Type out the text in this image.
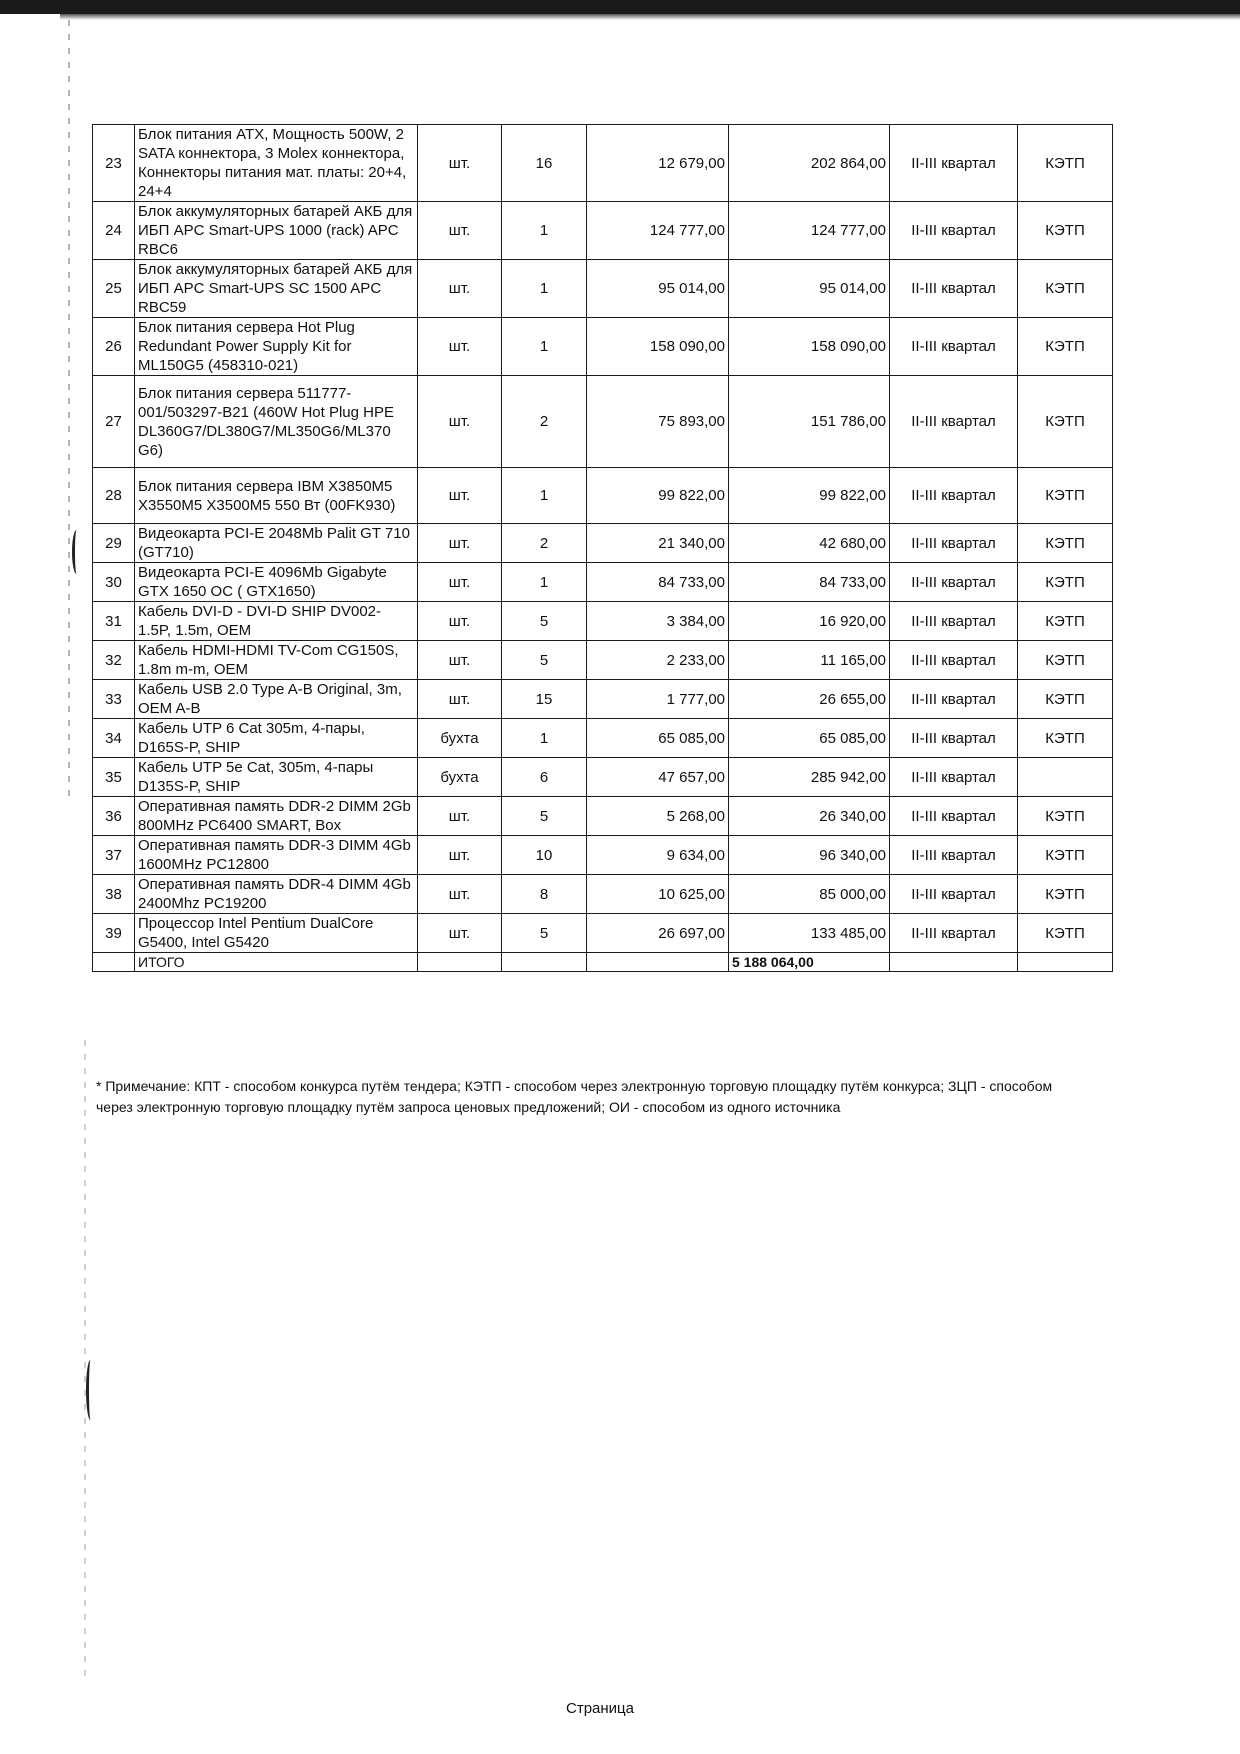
23	Блок питания ATX, Мощность 500W, 2 SATA коннектора, 3 Molex коннектора, Коннекторы питания мат. платы: 20+4, 24+4	шт.	16	12 679,00	202 864,00	II-III квартал	КЭТП
24	Блок аккумуляторных батарей АКБ для ИБП APC Smart-UPS 1000 (rack) APC RBC6	шт.	1	124 777,00	124 777,00	II-III квартал	КЭТП
25	Блок аккумуляторных батарей АКБ для ИБП APC Smart-UPS SC 1500 APC RBC59	шт.	1	95 014,00	95 014,00	II-III квартал	КЭТП
26	Блок питания сервера Hot Plug Redundant Power Supply Kit for ML150G5 (458310-021)	шт.	1	158 090,00	158 090,00	II-III квартал	КЭТП
27	Блок питания сервера 511777-001/503297-B21 (460W Hot Plug HPE DL360G7/DL380G7/ML350G6/ML370 G6)	шт.	2	75 893,00	151 786,00	II-III квартал	КЭТП
28	Блок питания сервера IBM X3850M5 X3550M5 X3500M5 550 Вт (00FK930)	шт.	1	99 822,00	99 822,00	II-III квартал	КЭТП
29	Видеокарта PCI-E 2048Mb Palit GT 710 (GT710)	шт.	2	21 340,00	42 680,00	II-III квартал	КЭТП
30	Видеокарта PCI-E 4096Mb Gigabyte GTX 1650 OC ( GTX1650)	шт.	1	84 733,00	84 733,00	II-III квартал	КЭТП
31	Кабель DVI-D - DVI-D SHIP DV002-1.5P, 1.5m, OEM	шт.	5	3 384,00	16 920,00	II-III квартал	КЭТП
32	Кабель HDMI-HDMI TV-Com CG150S, 1.8m m-m, OEM	шт.	5	2 233,00	11 165,00	II-III квартал	КЭТП
33	Кабель USB 2.0 Type A-B Original, 3m, OEM A-B	шт.	15	1 777,00	26 655,00	II-III квартал	КЭТП
34	Кабель UTP 6 Cat 305m, 4-пары, D165S-P, SHIP	бухта	1	65 085,00	65 085,00	II-III квартал	КЭТП
35	Кабель UTP 5e Cat, 305m, 4-пары D135S-P, SHIP	бухта	6	47 657,00	285 942,00	II-III квартал	
36	Оперативная память DDR-2 DIMM 2Gb 800MHz PC6400 SMART, Box	шт.	5	5 268,00	26 340,00	II-III квартал	КЭТП
37	Оперативная память DDR-3 DIMM 4Gb 1600MHz PC12800	шт.	10	9 634,00	96 340,00	II-III квартал	КЭТП
38	Оперативная память DDR-4 DIMM 4Gb 2400Mhz PC19200	шт.	8	10 625,00	85 000,00	II-III квартал	КЭТП
39	Процессор Intel Pentium DualCore G5400, Intel G5420	шт.	5	26 697,00	133 485,00	II-III квартал	КЭТП
	ИТОГО				5 188 064,00		
* Примечание: КПТ - способом конкурса путём тендера; КЭТП - способом через электронную торговую площадку путём конкурса; ЗЦП - способом через электронную торговую площадку путём запроса ценовых предложений; ОИ - способом из одного источника
Страница
